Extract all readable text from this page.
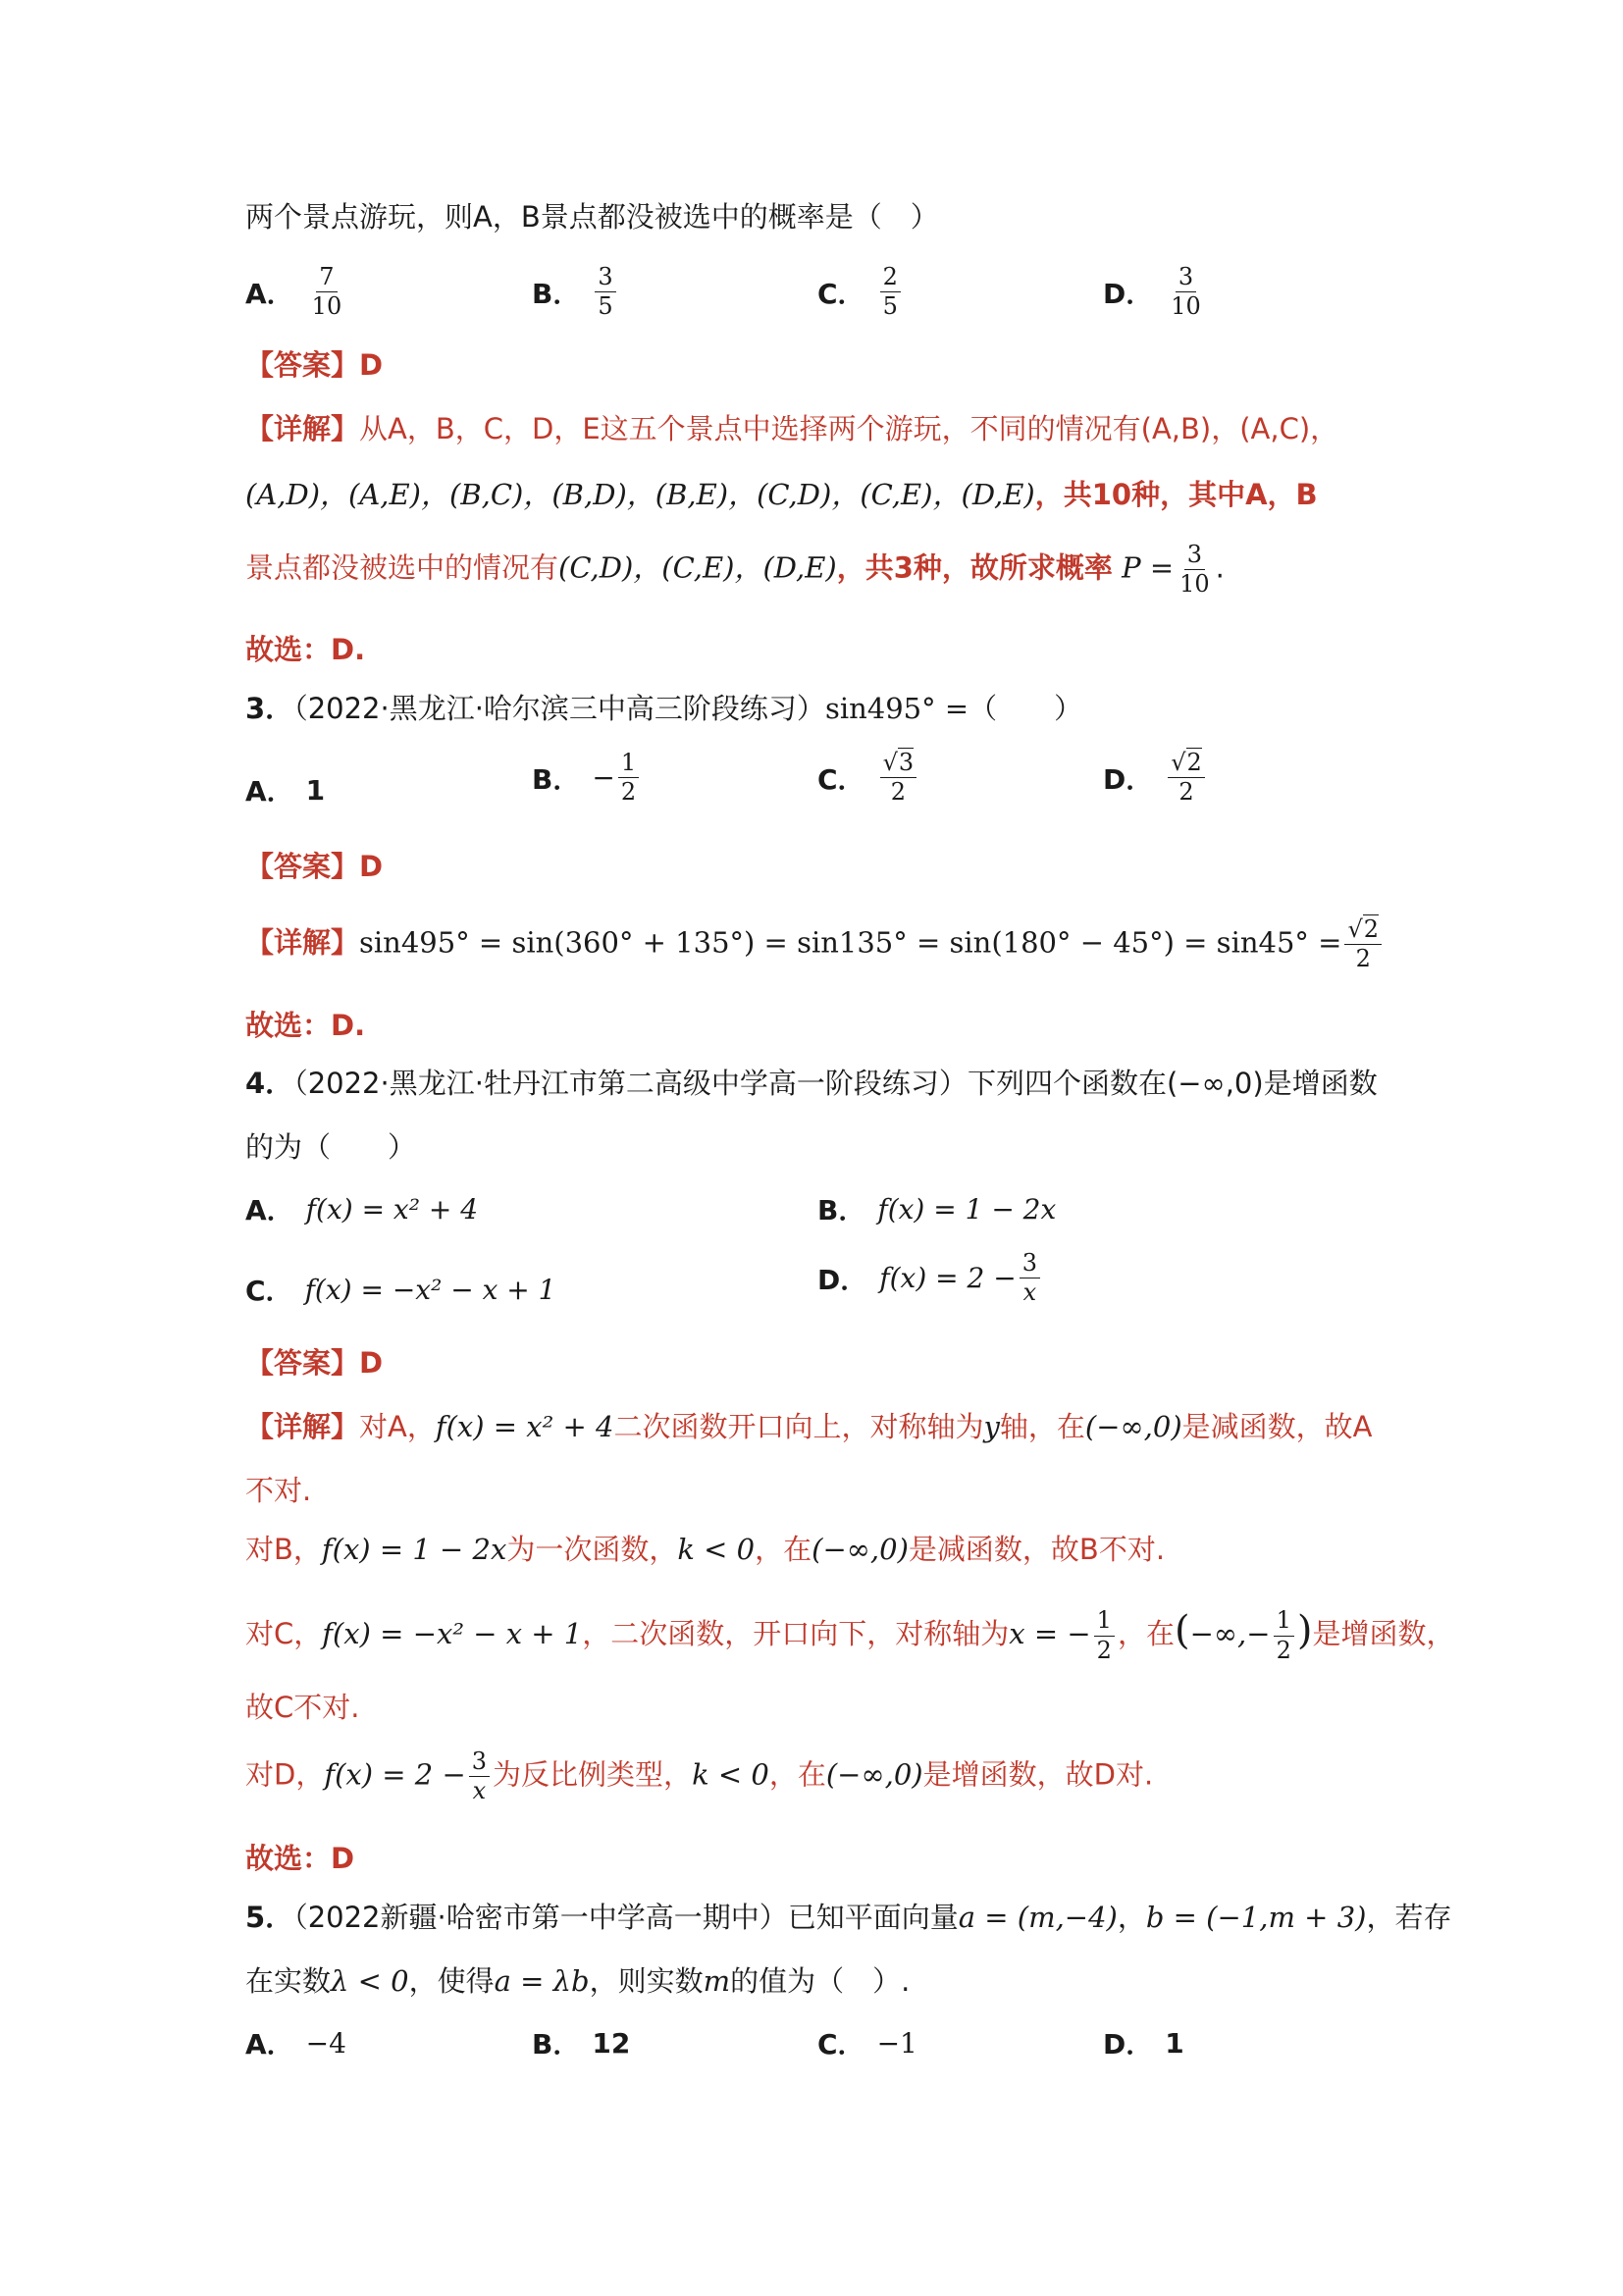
两个景点游玩，则A，B景点都没被选中的概率是（　）
A． $\frac{7}{10}$	B． $\frac{3}{5}$	C． $\frac{2}{5}$	D． $\frac{3}{10}$
【答案】D
【详解】从A，B，C，D，E这五个景点中选择两个游玩，不同的情况有(A,B)，(A,C)，
(A,D)，(A,E)，(B,C)，(B,D)，(B,E)，(C,D)，(C,E)，(D,E)，共10种，其中A，B
景点都没被选中的情况有(C,D)，(C,E)，(D,E)，共3种，故所求概率 $P = \frac{3}{10}$ .
故选：D.
3．（2022·黑龙江·哈尔滨三中高三阶段练习）sin495° =（　　）
A． 1	B． − $\frac{1}{2}$	C． √ $\frac{3}{2}$	D． √ $\frac{2}{2}$
【答案】D
【详解】sin495° = sin(360° + 135°) = sin135° = sin(180° − 45°) = sin45° = √ $\frac{2}{2}$
故选：D.
4．（2022·黑龙江·牡丹江市第二高级中学高一阶段练习）下列四个函数在(−∞,0)是增函数
的为（　　）
A． f(x) = x² + 4	B． f(x) = 1 − 2x
C． f(x) = −x² − x + 1	D． $f(x) = 2 - \frac{3}{x}$
【答案】D
【详解】对A，f(x) = x² + 4二次函数开口向上，对称轴为y轴，在(−∞,0)是减函数，故A
不对.
对B，f(x) = 1 − 2x为一次函数，k < 0，在(−∞,0)是减函数，故B不对.
对C，f(x) = −x² − x + 1，二次函数，开口向下，对称轴为x = − $\frac{1}{2}$ ，在(−∞,− $\frac{1}{2}$ )是增函数，
故C不对.
对D，$f(x) = 2 - \frac{3}{x}$ 为反比例类型，k < 0，在(−∞,0)是增函数，故D对.
故选：D
5．（2022新疆·哈密市第一中学高一期中）已知平面向量a = (m,−4)，b = (−1,m + 3)，若存
在实数λ < 0，使得a = λb，则实数m的值为（　）.
A． −4	B． 12	C． −1	D． 1
